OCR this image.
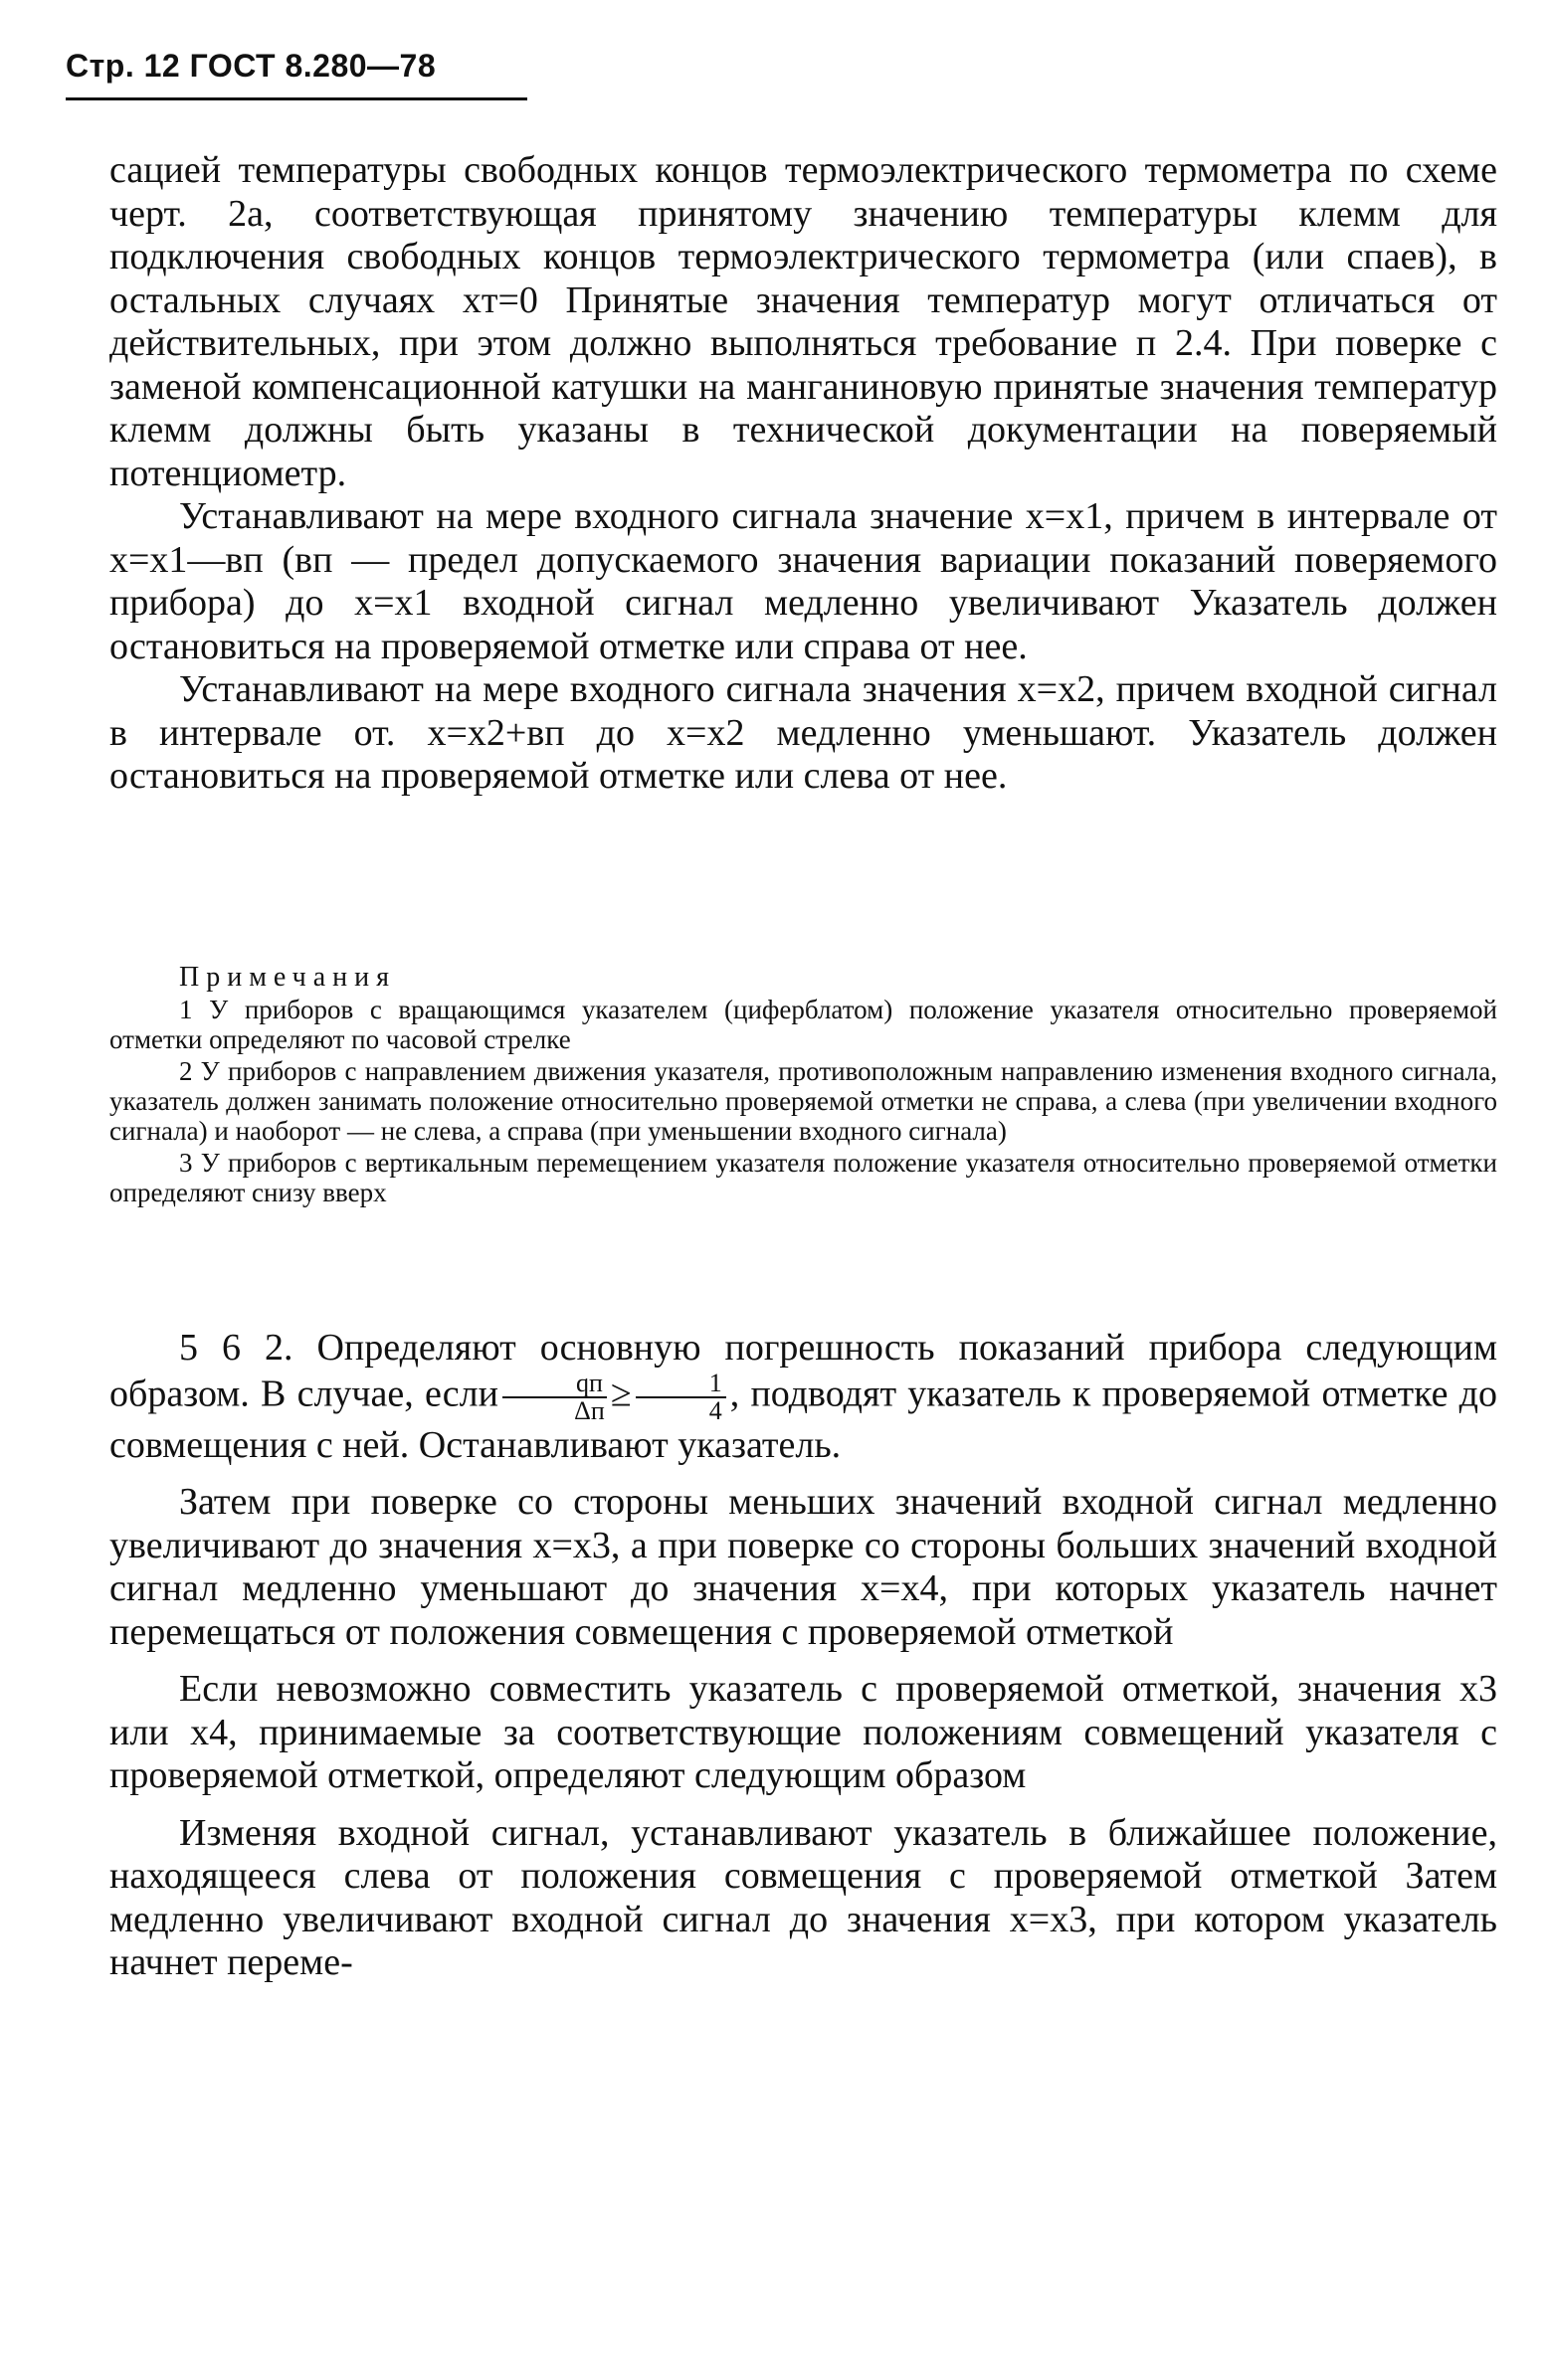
Стр. 12 ГОСТ 8.280—78

сацией температуры свободных концов термоэлектрического термометра по схеме черт. 2а, соответствующая принятому значению температуры клемм для подключения свободных концов термоэлектрического термометра (или спаев), в остальных случаях xт=0 Принятые значения температур могут отличаться от действительных, при этом должно выполняться требование п 2.4. При поверке с заменой компенсационной катушки на манганиновую принятые значения температур клемм должны быть указаны в технической документации на поверяемый потенциометр.

Устанавливают на мере входного сигнала значение x=x1, причем в интервале от x=x1—вп (вп — предел допускаемого значения вариации показаний поверяемого прибора) до x=x1 входной сигнал медленно увеличивают Указатель должен остановиться на проверяемой отметке или справа от нее.

Устанавливают на мере входного сигнала значения x=x2, причем входной сигнал в интервале от. x=x2+вп до x=x2 медленно уменьшают. Указатель должен остановиться на проверяемой отметке или слева от нее.

Примечания

1 У приборов с вращающимся указателем (циферблатом) положение указателя относительно проверяемой отметки определяют по часовой стрелке

2 У приборов с направлением движения указателя, противоположным направлению изменения входного сигнала, указатель должен занимать положение относительно проверяемой отметки не справа, а слева (при увеличении входного сигнала) и наоборот — не слева, а справа (при уменьшении входного сигнала)

3 У приборов с вертикальным перемещением указателя положение указателя относительно проверяемой отметки определяют снизу вверх

5 6 2. Определяют основную погрешность показаний прибора следующим образом. В случае, если $\frac{qп}{\Delta п} \ge \frac{1}{4}$ , подводят указатель к проверяемой отметке до совмещения с ней. Останавливают указатель.

Затем при поверке со стороны меньших значений входной сигнал медленно увеличивают до значения x=x3, а при поверке со стороны больших значений входной сигнал медленно уменьшают до значения x=x4, при которых указатель начнет перемещаться от положения совмещения с проверяемой отметкой

Если невозможно совместить указатель с проверяемой отметкой, значения x3 или x4, принимаемые за соответствующие положениям совмещений указателя с проверяемой отметкой, определяют следующим образом

Изменяя входной сигнал, устанавливают указатель в ближайшее положение, находящееся слева от положения совмещения с проверяемой отметкой Затем медленно увеличивают входной сигнал до значения x=x3, при котором указатель начнет переме-
